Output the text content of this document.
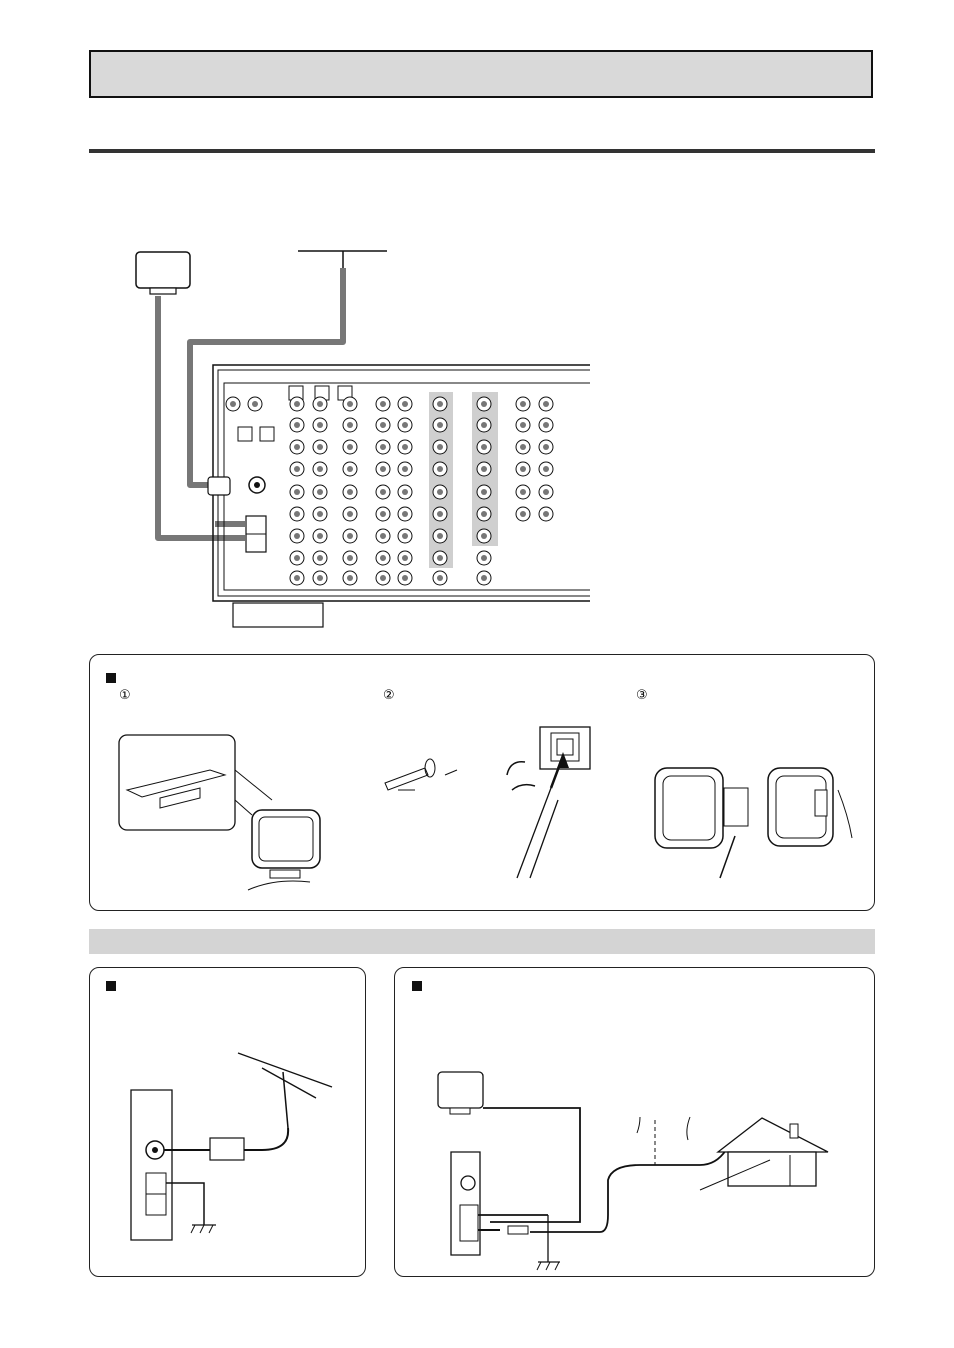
①	②	③
